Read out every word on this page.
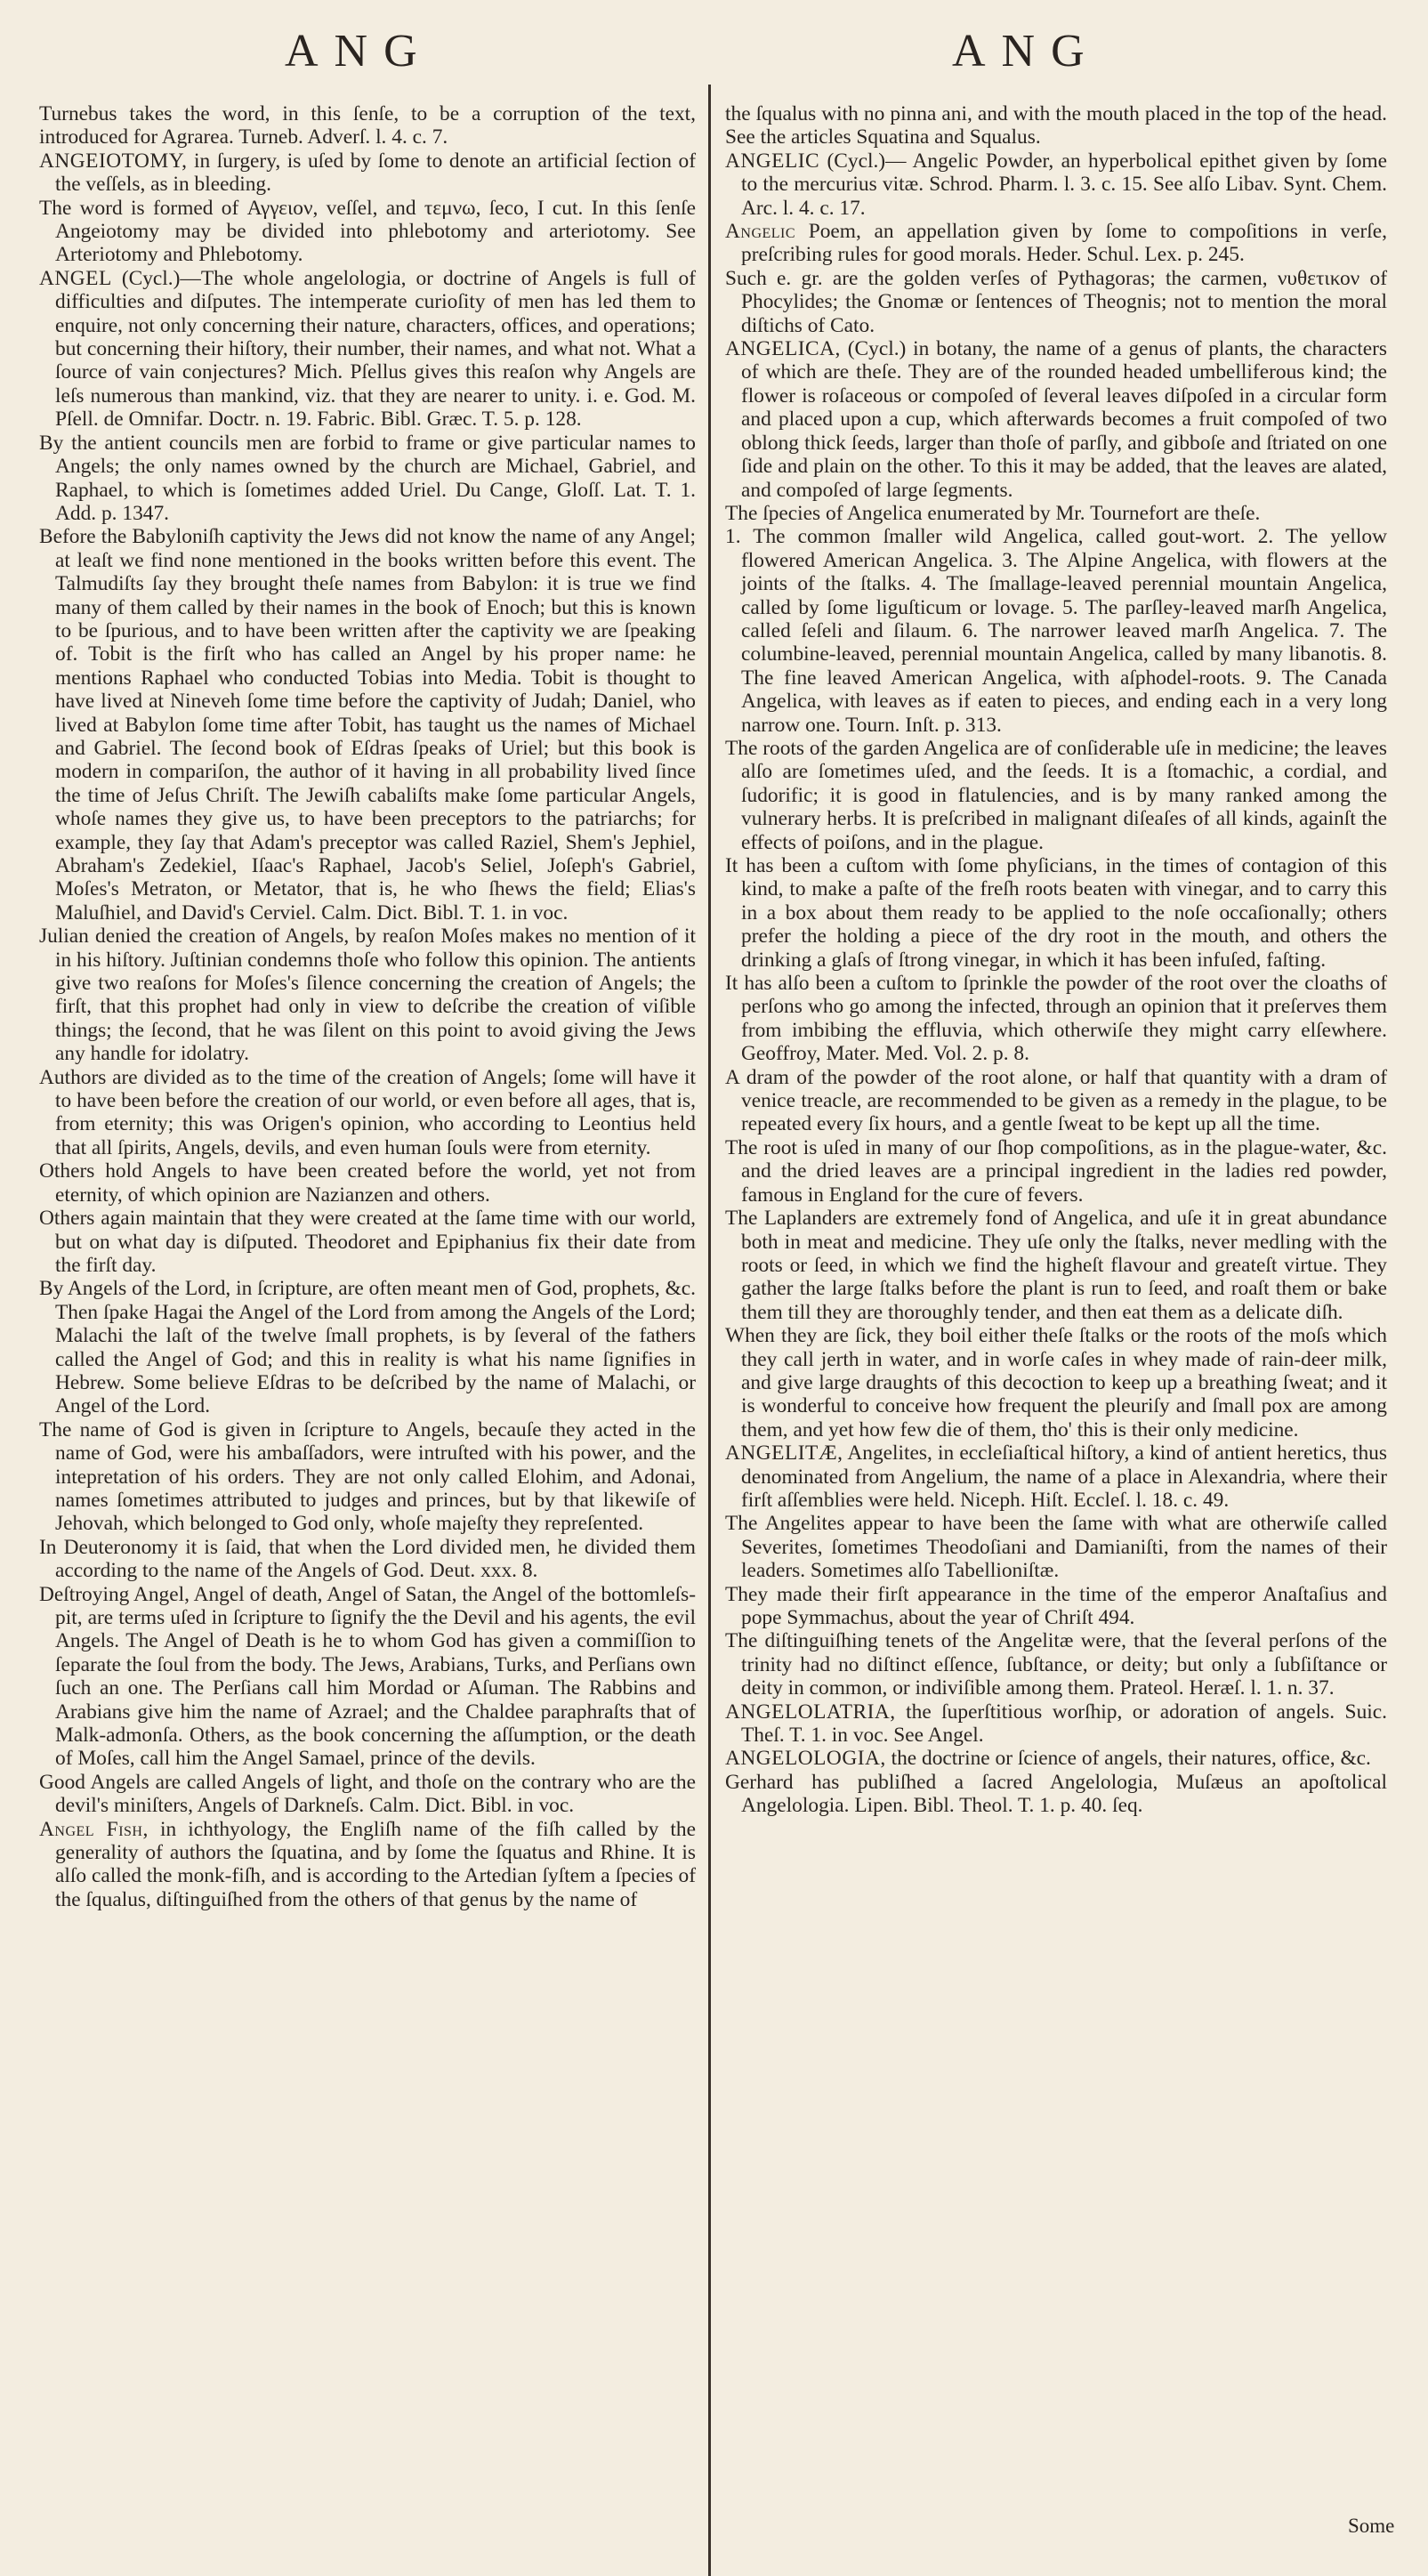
ANG	ANG

Turnebus takes the word, in this ſenſe, to be a corruption of the text, introduced for Agrarea. Turneb. Adverſ. l. 4. c. 7.

ANGEIOTOMY, in ſurgery, is uſed by ſome to denote an artificial ſection of the veſſels, as in bleeding.

The word is formed of Αγγειον, veſſel, and τεμνω, ſeco, I cut. In this ſenſe Angeiotomy may be divided into phlebotomy and arteriotomy. See Arteriotomy and Phlebotomy.

ANGEL (Cycl.)—The whole angelologia, or doctrine of Angels is full of difficulties and diſputes. The intemperate curioſity of men has led them to enquire, not only concerning their nature, characters, offices, and operations; but concerning their hiſtory, their number, their names, and what not. What a ſource of vain conjectures? Mich. Pſellus gives this reaſon why Angels are leſs numerous than mankind, viz. that they are nearer to unity. i. e. God. M. Pſell. de Omnifar. Doctr. n. 19. Fabric. Bibl. Græc. T. 5. p. 128.

By the antient councils men are forbid to frame or give particular names to Angels; the only names owned by the church are Michael, Gabriel, and Raphael, to which is ſometimes added Uriel. Du Cange, Gloſſ. Lat. T. 1. Add. p. 1347.

Before the Babyloniſh captivity the Jews did not know the name of any Angel; at leaſt we find none mentioned in the books written before this event. The Talmudiſts ſay they brought theſe names from Babylon: it is true we find many of them called by their names in the book of Enoch; but this is known to be ſpurious, and to have been written after the captivity we are ſpeaking of. Tobit is the firſt who has called an Angel by his proper name: he mentions Raphael who conducted Tobias into Media. Tobit is thought to have lived at Nineveh ſome time before the captivity of Judah; Daniel, who lived at Babylon ſome time after Tobit, has taught us the names of Michael and Gabriel. The ſecond book of Eſdras ſpeaks of Uriel; but this book is modern in compariſon, the author of it having in all probability lived ſince the time of Jeſus Chriſt. The Jewiſh cabaliſts make ſome particular Angels, whoſe names they give us, to have been preceptors to the patriarchs; for example, they ſay that Adam's preceptor was called Raziel, Shem's Jephiel, Abraham's Zedekiel, Iſaac's Raphael, Jacob's Seliel, Joſeph's Gabriel, Moſes's Metraton, or Metator, that is, he who ſhews the field; Elias's Maluſhiel, and David's Cerviel. Calm. Dict. Bibl. T. 1. in voc.

Julian denied the creation of Angels, by reaſon Moſes makes no mention of it in his hiſtory. Juſtinian condemns thoſe who follow this opinion. The antients give two reaſons for Moſes's ſilence concerning the creation of Angels; the firſt, that this prophet had only in view to deſcribe the creation of viſible things; the ſecond, that he was ſilent on this point to avoid giving the Jews any handle for idolatry.

Authors are divided as to the time of the creation of Angels; ſome will have it to have been before the creation of our world, or even before all ages, that is, from eternity; this was Origen's opinion, who according to Leontius held that all ſpirits, Angels, devils, and even human ſouls were from eternity.

Others hold Angels to have been created before the world, yet not from eternity, of which opinion are Nazianzen and others.

Others again maintain that they were created at the ſame time with our world, but on what day is diſputed. Theodoret and Epiphanius fix their date from the firſt day.

By Angels of the Lord, in ſcripture, are often meant men of God, prophets, &c. Then ſpake Hagai the Angel of the Lord from among the Angels of the Lord; Malachi the laſt of the twelve ſmall prophets, is by ſeveral of the fathers called the Angel of God; and this in reality is what his name ſignifies in Hebrew. Some believe Eſdras to be deſcribed by the name of Malachi, or Angel of the Lord.

The name of God is given in ſcripture to Angels, becauſe they acted in the name of God, were his ambaſſadors, were intruſted with his power, and the intepretation of his orders. They are not only called Elohim, and Adonai, names ſometimes attributed to judges and princes, but by that likewiſe of Jehovah, which belonged to God only, whoſe majeſty they repreſented.

In Deuteronomy it is ſaid, that when the Lord divided men, he divided them according to the name of the Angels of God. Deut. xxx. 8.

Deſtroying Angel, Angel of death, Angel of Satan, the Angel of the bottomleſs-pit, are terms uſed in ſcripture to ſignify the the Devil and his agents, the evil Angels. The Angel of Death is he to whom God has given a commiſſion to ſeparate the ſoul from the body. The Jews, Arabians, Turks, and Perſians own ſuch an one. The Perſians call him Mordad or Aſuman. The Rabbins and Arabians give him the name of Azrael; and the Chaldee paraphraſts that of Malk-admonſa. Others, as the book concerning the aſſumption, or the death of Moſes, call him the Angel Samael, prince of the devils.

Good Angels are called Angels of light, and thoſe on the contrary who are the devil's miniſters, Angels of Darkneſs. Calm. Dict. Bibl. in voc.

Angel Fiſh, in ichthyology, the Engliſh name of the fiſh called by the generality of authors the ſquatina, and by ſome the ſquatus and Rhine. It is alſo called the monk-fiſh, and is according to the Artedian ſyſtem a ſpecies of the ſqualus, diſtinguiſhed from the others of that genus by the name of

the ſqualus with no pinna ani, and with the mouth placed in the top of the head. See the articles Squatina and Squalus.

ANGELIC (Cycl.)— Angelic Powder, an hyperbolical epithet given by ſome to the mercurius vitæ. Schrod. Pharm. l. 3. c. 15. See alſo Libav. Synt. Chem. Arc. l. 4. c. 17.

Angelic Poem, an appellation given by ſome to compoſitions in verſe, preſcribing rules for good morals. Heder. Schul. Lex. p. 245.

Such e. gr. are the golden verſes of Pythagoras; the carmen, νυθετικον of Phocylides; the Gnomæ or ſentences of Theognis; not to mention the moral diſtichs of Cato.

ANGELICA, (Cycl.) in botany, the name of a genus of plants, the characters of which are theſe. They are of the rounded headed umbelliferous kind; the flower is roſaceous or compoſed of ſeveral leaves diſpoſed in a circular form and placed upon a cup, which afterwards becomes a fruit compoſed of two oblong thick ſeeds, larger than thoſe of parſly, and gibboſe and ſtriated on one ſide and plain on the other. To this it may be added, that the leaves are alated, and compoſed of large ſegments.

The ſpecies of Angelica enumerated by Mr. Tournefort are theſe.

1. The common ſmaller wild Angelica, called gout-wort. 2. The yellow flowered American Angelica. 3. The Alpine Angelica, with flowers at the joints of the ſtalks. 4. The ſmallage-leaved perennial mountain Angelica, called by ſome liguſticum or lovage. 5. The parſley-leaved marſh Angelica, called ſeſeli and ſilaum. 6. The narrower leaved marſh Angelica. 7. The columbine-leaved, perennial mountain Angelica, called by many libanotis. 8. The fine leaved American Angelica, with aſphodel-roots. 9. The Canada Angelica, with leaves as if eaten to pieces, and ending each in a very long narrow one. Tourn. Inſt. p. 313.

The roots of the garden Angelica are of conſiderable uſe in medicine; the leaves alſo are ſometimes uſed, and the ſeeds. It is a ſtomachic, a cordial, and ſudorific; it is good in flatulencies, and is by many ranked among the vulnerary herbs. It is preſcribed in malignant diſeaſes of all kinds, againſt the effects of poiſons, and in the plague.

It has been a cuſtom with ſome phyſicians, in the times of contagion of this kind, to make a paſte of the freſh roots beaten with vinegar, and to carry this in a box about them ready to be applied to the noſe occaſionally; others prefer the holding a piece of the dry root in the mouth, and others the drinking a glaſs of ſtrong vinegar, in which it has been infuſed, faſting.

It has alſo been a cuſtom to ſprinkle the powder of the root over the cloaths of perſons who go among the infected, through an opinion that it preſerves them from imbibing the effluvia, which otherwiſe they might carry elſewhere. Geoffroy, Mater. Med. Vol. 2. p. 8.

A dram of the powder of the root alone, or half that quantity with a dram of venice treacle, are recommended to be given as a remedy in the plague, to be repeated every ſix hours, and a gentle ſweat to be kept up all the time.

The root is uſed in many of our ſhop compoſitions, as in the plague-water, &c. and the dried leaves are a principal ingredient in the ladies red powder, famous in England for the cure of fevers.

The Laplanders are extremely fond of Angelica, and uſe it in great abundance both in meat and medicine. They uſe only the ſtalks, never medling with the roots or ſeed, in which we find the higheſt flavour and greateſt virtue. They gather the large ſtalks before the plant is run to ſeed, and roaſt them or bake them till they are thoroughly tender, and then eat them as a delicate diſh.

When they are ſick, they boil either theſe ſtalks or the roots of the moſs which they call jerth in water, and in worſe caſes in whey made of rain-deer milk, and give large draughts of this decoction to keep up a breathing ſweat; and it is wonderful to conceive how frequent the pleuriſy and ſmall pox are among them, and yet how few die of them, tho' this is their only medicine.

ANGELITÆ, Angelites, in eccleſiaſtical hiſtory, a kind of antient heretics, thus denominated from Angelium, the name of a place in Alexandria, where their firſt aſſemblies were held. Niceph. Hiſt. Eccleſ. l. 18. c. 49.

The Angelites appear to have been the ſame with what are otherwiſe called Severites, ſometimes Theodoſiani and Damianiſti, from the names of their leaders. Sometimes alſo Tabellioniſtæ.

They made their firſt appearance in the time of the emperor Anaſtaſius and pope Symmachus, about the year of Chriſt 494.

The diſtinguiſhing tenets of the Angelitæ were, that the ſeveral perſons of the trinity had no diſtinct eſſence, ſubſtance, or deity; but only a ſubſiſtance or deity in common, or indiviſible among them. Prateol. Heræſ. l. 1. n. 37.

ANGELOLATRIA, the ſuperſtitious worſhip, or adoration of angels. Suic. Theſ. T. 1. in voc. See Angel.

ANGELOLOGIA, the doctrine or ſcience of angels, their natures, office, &c.

Gerhard has publiſhed a ſacred Angelologia, Muſæus an apoſtolical Angelologia. Lipen. Bibl. Theol. T. 1. p. 40. ſeq.

Some
